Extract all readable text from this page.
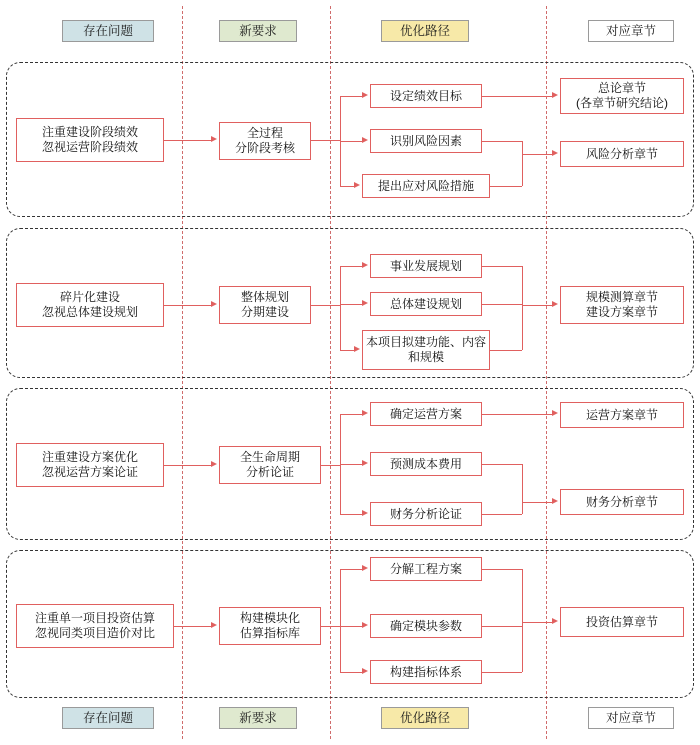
存在问题	新要求	优化路径	对应章节
存在问题	新要求	优化路径	对应章节
注重建设阶段绩效
忽视运营阶段绩效
全过程
分阶段考核
设定绩效目标
识别风险因素
提出应对风险措施
总论章节
(各章节研究结论)
风险分析章节
碎片化建设
忽视总体建设规划
整体规划
分期建设
事业发展规划
总体建设规划
本项目拟建功能、内容和规模
规模测算章节
建设方案章节
注重建设方案优化
忽视运营方案论证
全生命周期
分析论证
确定运营方案
预测成本费用
财务分析论证
运营方案章节
财务分析章节
注重单一项目投资估算
忽视同类项目造价对比
构建模块化
估算指标库
分解工程方案
确定模块参数
构建指标体系
投资估算章节
